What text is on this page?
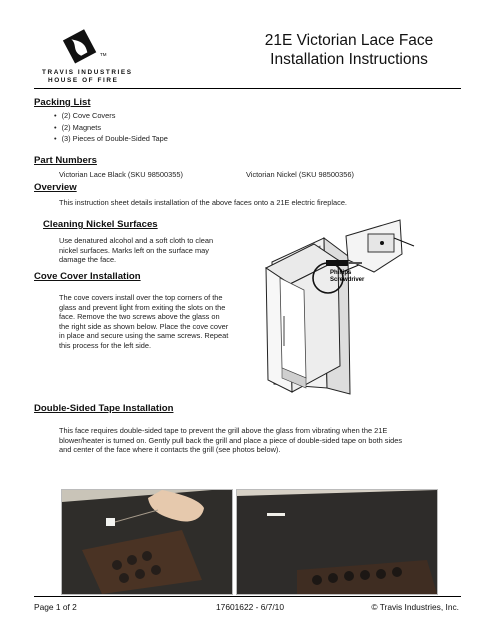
TM
TRAVIS INDUSTRIES
HOUSE OF FIRE
21E Victorian Lace Face
Installation Instructions
Packing List
• (2) Cove Covers
• (2) Magnets
• (3) Pieces of Double-Sided Tape
Part Numbers
Victorian Lace Black (SKU 98500355)	Victorian Nickel (SKU 98500356)
Overview
This instruction sheet details installation of the above faces onto a 21E electric fireplace.
Cleaning Nickel Surfaces
Use denatured alcohol and a soft cloth to clean
nickel surfaces. Marks left on the surface may
damage the face.
Cove Cover Installation
The cove covers install over the top corners of the
glass and prevent light from exiting the slots on the
face. Remove the two screws above the glass on
the right side as shown below. Place the cove cover
in place and secure using the same screws. Repeat
this process for the left side.
Phillips
Screwdriver
Double-Sided Tape Installation
This face requires double-sided tape to prevent the grill above the glass from vibrating when the 21E
blower/heater is turned on. Gently pull back the grill and place a piece of double-sided tape on both sides
and center of the face where it contacts the grill (see photos below).
Page 1 of 2	17601622 - 6/7/10	© Travis Industries, Inc.
